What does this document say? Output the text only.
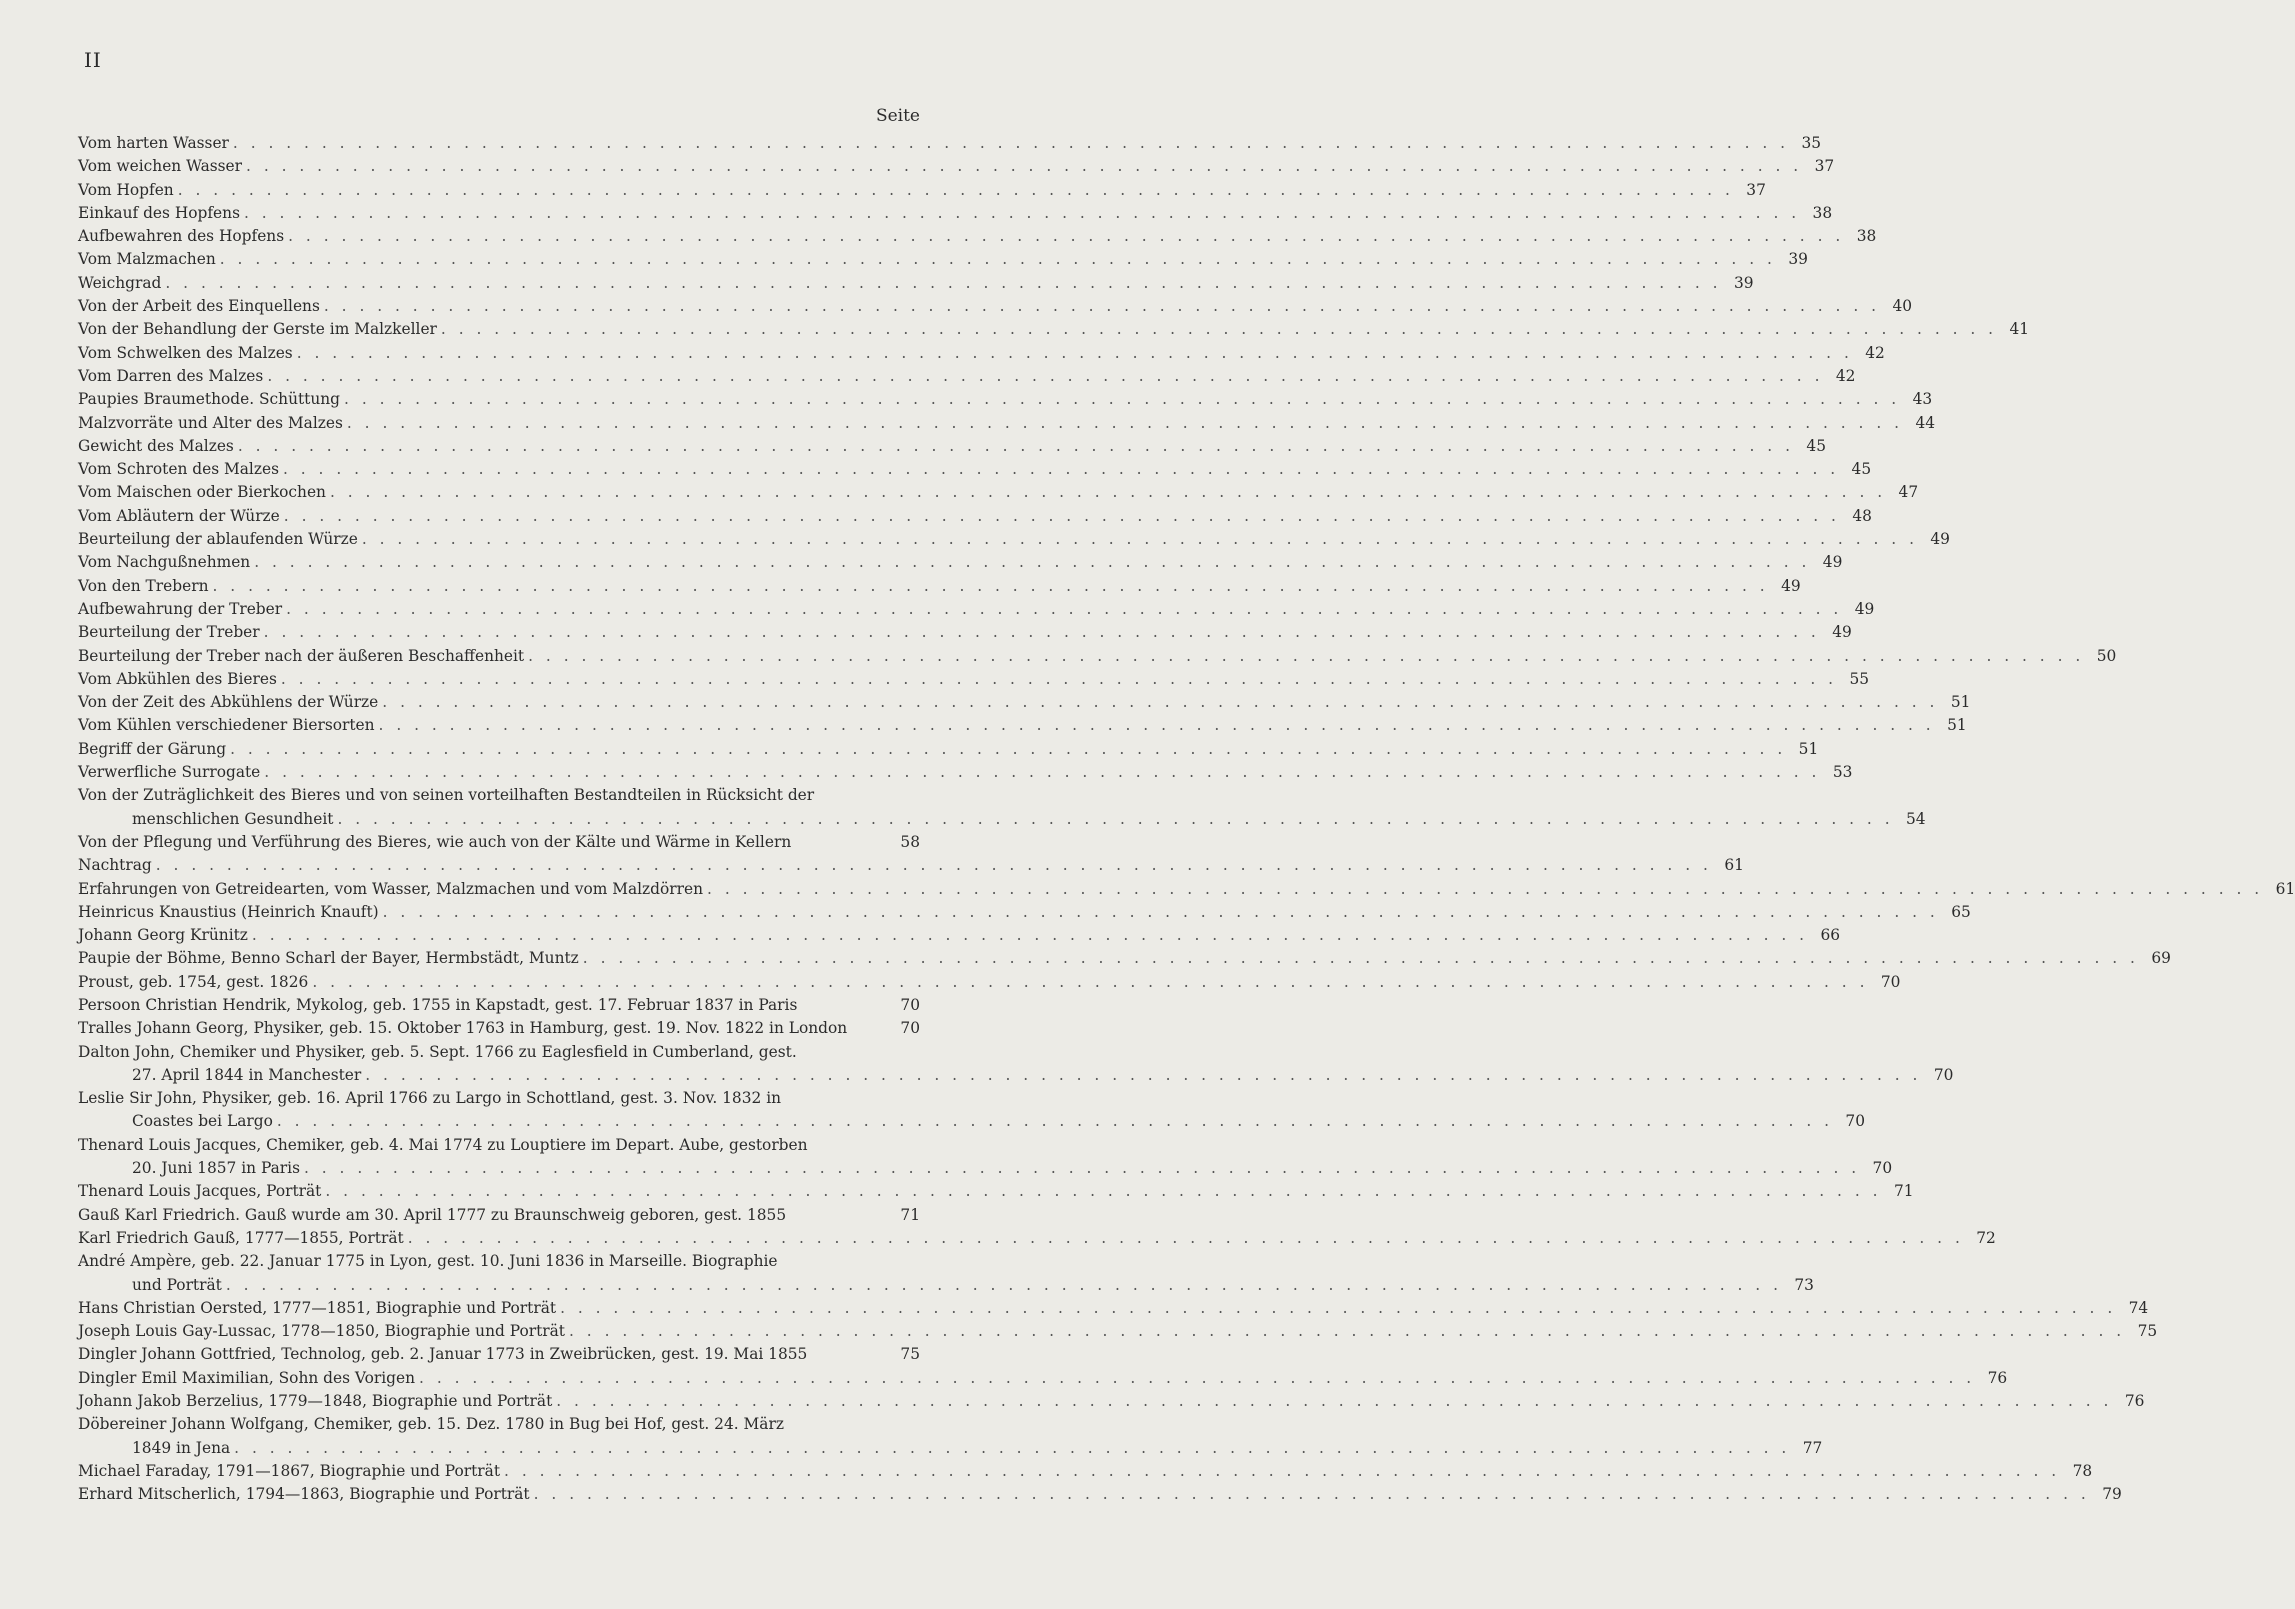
II
Seite
Vom harten Wasser . . .	35
Vom weichen Wasser . . .	37
Vom Hopfen . . .	37
Einkauf des Hopfens . . .	38
Aufbewahren des Hopfens . . .	38
Vom Malzmachen . . .	39
Weichgrad . . .	39
Von der Arbeit des Einquellens . . .	40
Von der Behandlung der Gerste im Malzkeller . . .	41
Vom Schwelken des Malzes . . .	42
Vom Darren des Malzes . . .	42
Paupies Braumethode. Schüttung . . .	43
Malzvorräte und Alter des Malzes . . .	44
Gewicht des Malzes . . .	45
Vom Schroten des Malzes . . .	45
Vom Maischen oder Bierkochen . . .	47
Vom Abläutern der Würze . . .	48
Beurteilung der ablaufenden Würze . . .	49
Vom Nachgußnehmen . . .	49
Von den Trebern . . .	49
Aufbewahrung der Treber . . .	49
Beurteilung der Treber . . .	49
Beurteilung der Treber nach der äußeren Beschaffenheit . . .	50
Vom Abkühlen des Bieres . . .	55
Von der Zeit des Abkühlens der Würze . . .	51
Vom Kühlen verschiedener Biersorten . . .	51
Begriff der Gärung . . .	51
Verwerfliche Surrogate . . .	53
Von der Zuträglichkeit des Bieres und von seinen vorteilhaften Bestandteilen in Rücksicht der
menschlichen Gesundheit . . .	54
Von der Pflegung und Verführung des Bieres, wie auch von der Kälte und Wärme in Kellern	58
Nachtrag . . .	61
Erfahrungen von Getreidearten, vom Wasser, Malzmachen und vom Malzdörren . . .	61
Heinricus Knaustius (Heinrich Knauft) . . .	65
Johann Georg Krünitz . . .	66
Paupie der Böhme, Benno Scharl der Bayer, Hermbstädt, Muntz . . .	69
Proust, geb. 1754, gest. 1826 . . .	70
Persoon Christian Hendrik, Mykolog, geb. 1755 in Kapstadt, gest. 17. Februar 1837 in Paris	70
Tralles Johann Georg, Physiker, geb. 15. Oktober 1763 in Hamburg, gest. 19. Nov. 1822 in London	70
Dalton John, Chemiker und Physiker, geb. 5. Sept. 1766 zu Eaglesfield in Cumberland, gest.
27. April 1844 in Manchester . . .	70
Leslie Sir John, Physiker, geb. 16. April 1766 zu Largo in Schottland, gest. 3. Nov. 1832 in
Coastes bei Largo . . .	70
Thenard Louis Jacques, Chemiker, geb. 4. Mai 1774 zu Louptiere im Depart. Aube, gestorben
20. Juni 1857 in Paris . . .	70
Thenard Louis Jacques, Porträt . . .	71
Gauß Karl Friedrich. Gauß wurde am 30. April 1777 zu Braunschweig geboren, gest. 1855	71
Karl Friedrich Gauß, 1777—1855, Porträt . . .	72
André Ampère, geb. 22. Januar 1775 in Lyon, gest. 10. Juni 1836 in Marseille. Biographie
und Porträt . . .	73
Hans Christian Oersted, 1777—1851, Biographie und Porträt . . .	74
Joseph Louis Gay-Lussac, 1778—1850, Biographie und Porträt . . .	75
Dingler Johann Gottfried, Technolog, geb. 2. Januar 1773 in Zweibrücken, gest. 19. Mai 1855	75
Dingler Emil Maximilian, Sohn des Vorigen . . .	76
Johann Jakob Berzelius, 1779—1848, Biographie und Porträt . . .	76
Döbereiner Johann Wolfgang, Chemiker, geb. 15. Dez. 1780 in Bug bei Hof, gest. 24. März
1849 in Jena . . .	77
Michael Faraday, 1791—1867, Biographie und Porträt . . .	78
Erhard Mitscherlich, 1794—1863, Biographie und Porträt . . .	79
